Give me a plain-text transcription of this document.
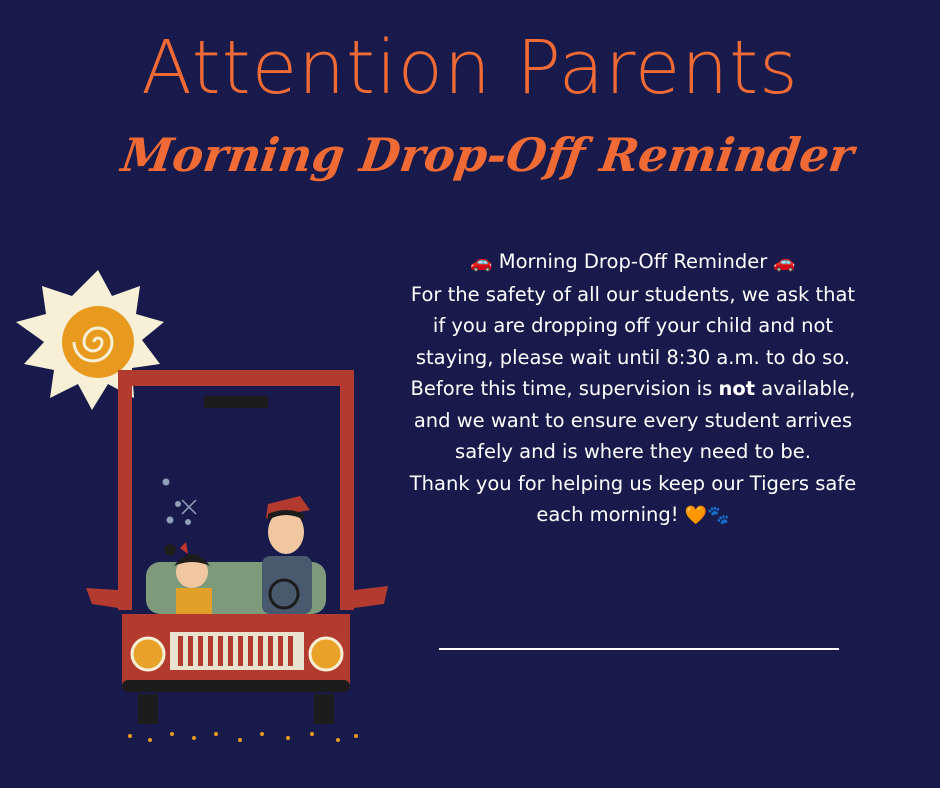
Attention Parents
Morning Drop-Off Reminder

🚗 Morning Drop-Off Reminder 🚗

For the safety of all our students, we ask that if you are dropping off your child and not staying, please wait until 8:30 a.m. to do so.

Before this time, supervision is not available, and we want to ensure every student arrives safely and is where they need to be.

Thank you for helping us keep our Tigers safe each morning! 🧡🐾
